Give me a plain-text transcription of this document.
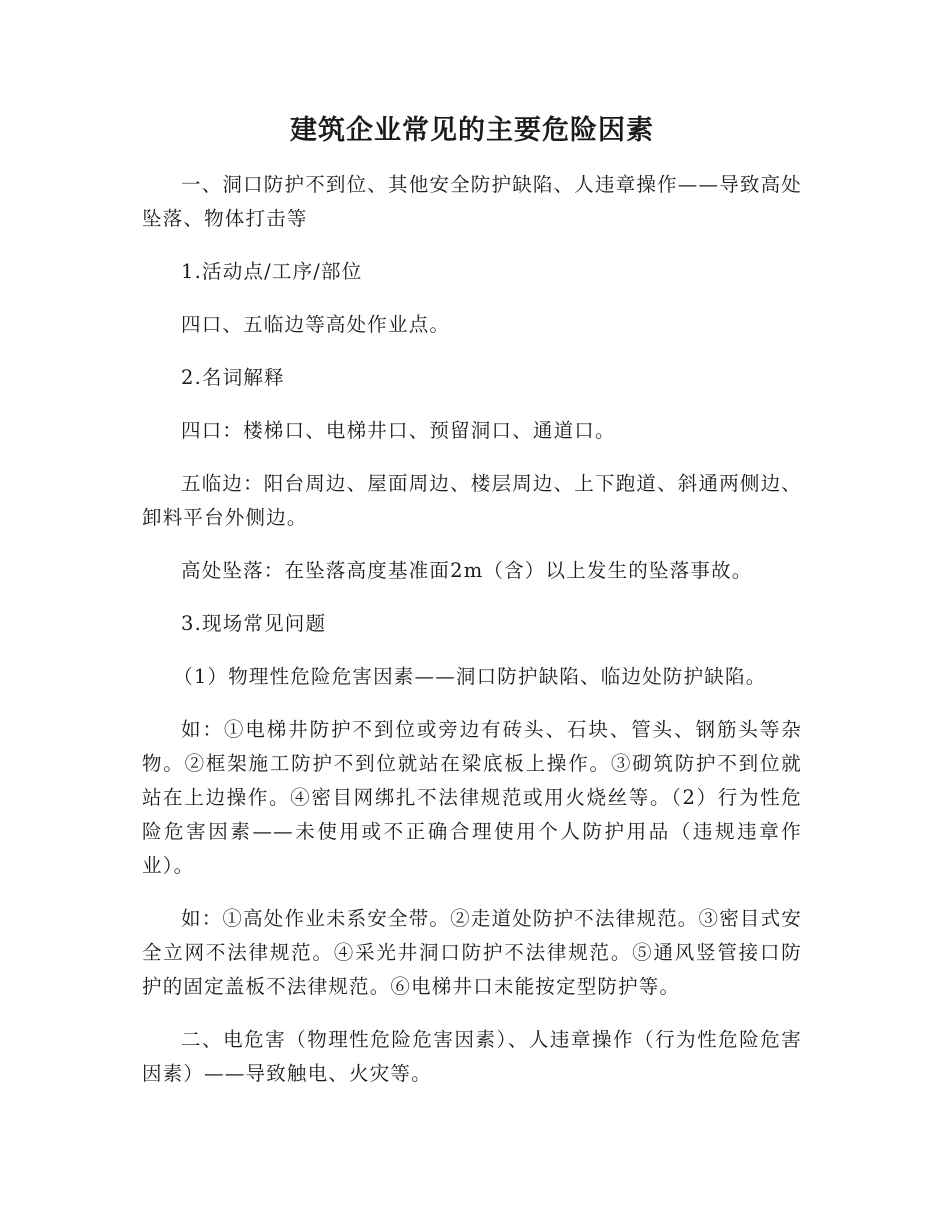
建筑企业常见的主要危险因素

一、洞口防护不到位、其他安全防护缺陷、人违章操作——导致高处坠落、物体打击等

1.活动点/工序/部位

四口、五临边等高处作业点。

2.名词解释

四口：楼梯口、电梯井口、预留洞口、通道口。

五临边：阳台周边、屋面周边、楼层周边、上下跑道、斜通两侧边、卸料平台外侧边。

高处坠落：在坠落高度基准面2m（含）以上发生的坠落事故。

3.现场常见问题

（1）物理性危险危害因素——洞口防护缺陷、临边处防护缺陷。

如：①电梯井防护不到位或旁边有砖头、石块、管头、钢筋头等杂物。②框架施工防护不到位就站在梁底板上操作。③砌筑防护不到位就站在上边操作。④密目网绑扎不法律规范或用火烧丝等。（2）行为性危险危害因素——未使用或不正确合理使用个人防护用品（违规违章作业）。

如：①高处作业未系安全带。②走道处防护不法律规范。③密目式安全立网不法律规范。④采光井洞口防护不法律规范。⑤通风竖管接口防护的固定盖板不法律规范。⑥电梯井口未能按定型防护等。

二、电危害（物理性危险危害因素）、人违章操作（行为性危险危害因素）——导致触电、火灾等。
